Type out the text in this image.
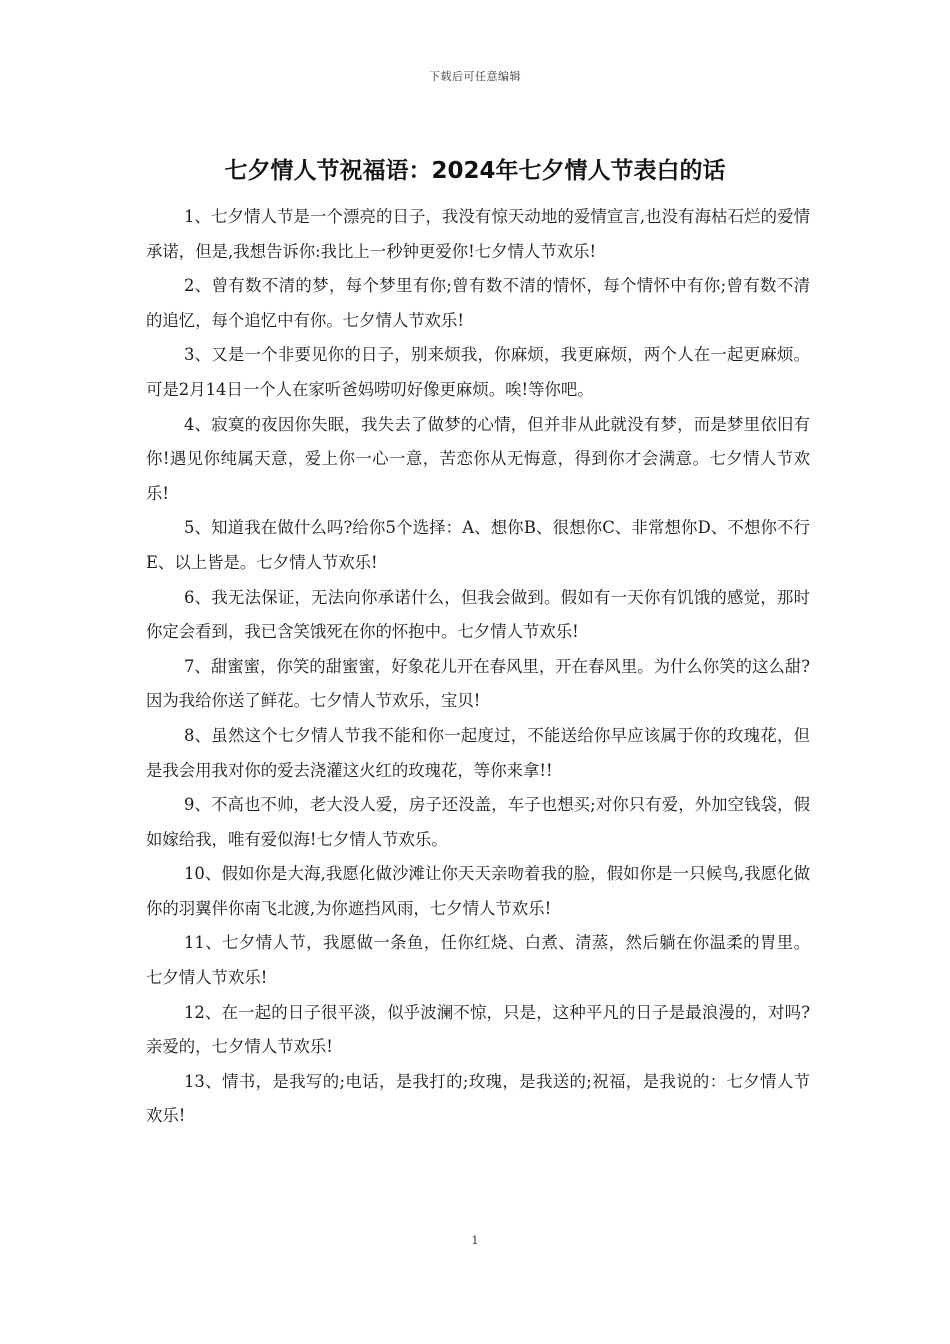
下载后可任意编辑
七夕情人节祝福语：2024年七夕情人节表白的话

1、七夕情人节是一个漂亮的日子，我没有惊天动地的爱情宣言,也没有海枯石烂的爱情承诺，但是,我想告诉你:我比上一秒钟更爱你!七夕情人节欢乐!

2、曾有数不清的梦，每个梦里有你;曾有数不清的情怀，每个情怀中有你;曾有数不清的追忆，每个追忆中有你。七夕情人节欢乐!

3、又是一个非要见你的日子，别来烦我，你麻烦，我更麻烦，两个人在一起更麻烦。可是2月14日一个人在家听爸妈唠叨好像更麻烦。唉!等你吧。

4、寂寞的夜因你失眠，我失去了做梦的心情，但并非从此就没有梦，而是梦里依旧有你!遇见你纯属天意，爱上你一心一意，苦恋你从无悔意，得到你才会满意。七夕情人节欢乐!

5、知道我在做什么吗?给你5个选择：A、想你B、很想你C、非常想你D、不想你不行E、以上皆是。七夕情人节欢乐!

6、我无法保证，无法向你承诺什么，但我会做到。假如有一天你有饥饿的感觉，那时你定会看到，我已含笑饿死在你的怀抱中。七夕情人节欢乐!

7、甜蜜蜜，你笑的甜蜜蜜，好象花儿开在春风里，开在春风里。为什么你笑的这么甜?因为我给你送了鲜花。七夕情人节欢乐，宝贝!

8、虽然这个七夕情人节我不能和你一起度过，不能送给你早应该属于你的玫瑰花，但是我会用我对你的爱去浇灌这火红的玫瑰花，等你来拿!!

9、不高也不帅，老大没人爱，房子还没盖，车子也想买;对你只有爱，外加空钱袋，假如嫁给我，唯有爱似海!七夕情人节欢乐。

10、假如你是大海,我愿化做沙滩让你天天亲吻着我的脸，假如你是一只候鸟,我愿化做你的羽翼伴你南飞北渡,为你遮挡风雨，七夕情人节欢乐!

11、七夕情人节，我愿做一条鱼，任你红烧、白煮、清蒸，然后躺在你温柔的胃里。七夕情人节欢乐!

12、在一起的日子很平淡，似乎波澜不惊，只是，这种平凡的日子是最浪漫的，对吗?亲爱的，七夕情人节欢乐!

13、情书，是我写的;电话，是我打的;玫瑰，是我送的;祝福，是我说的：七夕情人节欢乐!

1
